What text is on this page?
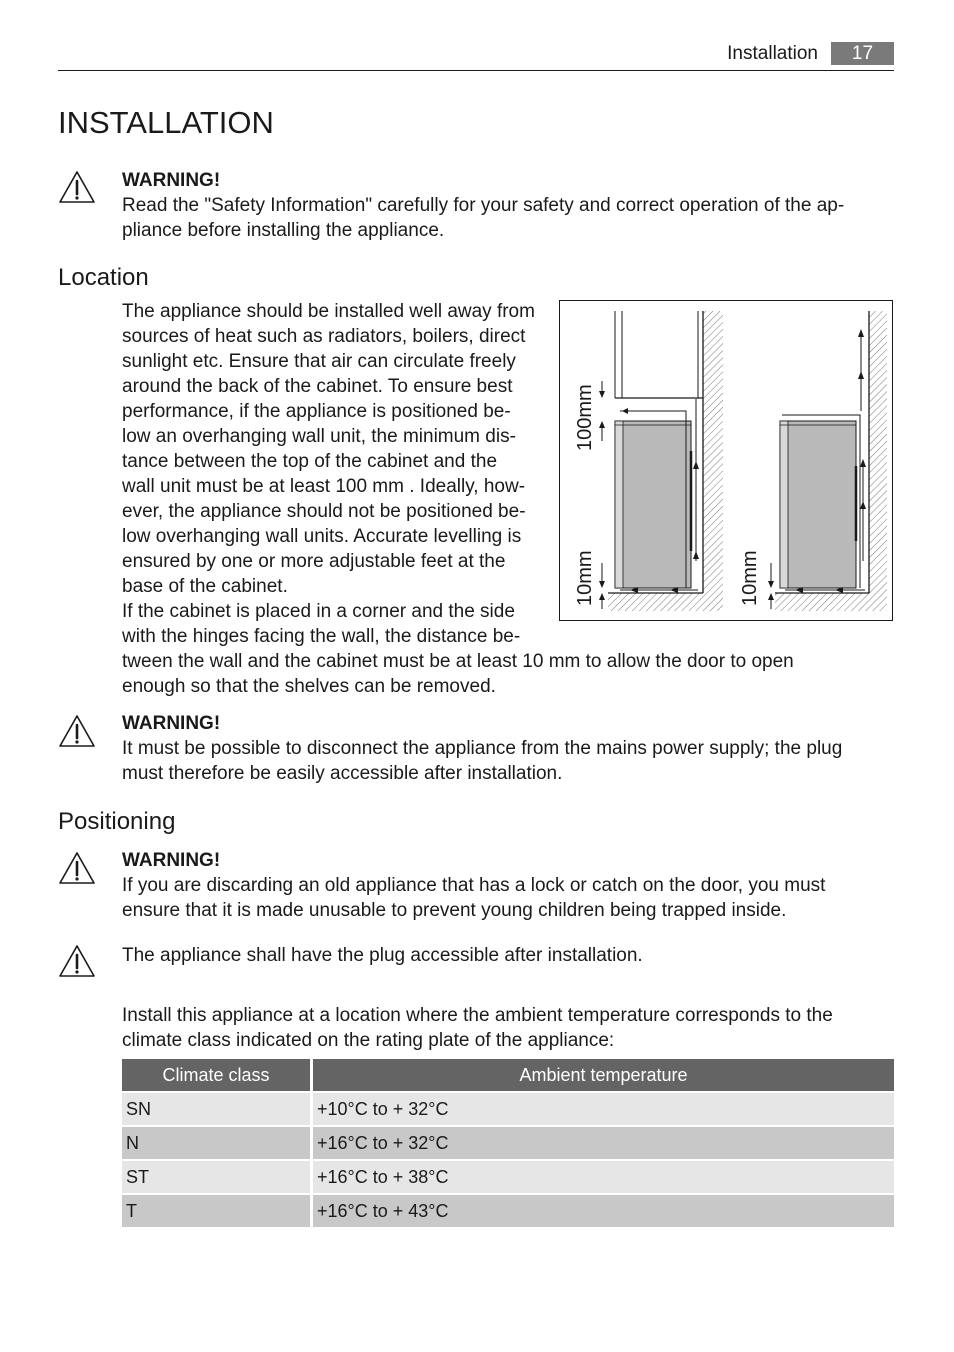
Installation	17
INSTALLATION
WARNING!
Read the "Safety Information" carefully for your safety and correct operation of the ap-
pliance before installing the appliance.
Location
The appliance should be installed well away from
sources of heat such as radiators, boilers, direct
sunlight etc. Ensure that air can circulate freely
around the back of the cabinet. To ensure best
performance, if the appliance is positioned be-
low an overhanging wall unit, the minimum dis-
tance between the top of the cabinet and the
wall unit must be at least 100 mm . Ideally, how-
ever, the appliance should not be positioned be-
low overhanging wall units. Accurate levelling is
ensured by one or more adjustable feet at the
base of the cabinet.
If the cabinet is placed in a corner and the side
with the hinges facing the wall, the distance be-
tween the wall and the cabinet must be at least 10 mm to allow the door to open
enough so that the shelves can be removed.
100mm
10mm	10mm
WARNING!
It must be possible to disconnect the appliance from the mains power supply; the plug
must therefore be easily accessible after installation.
Positioning
WARNING!
If you are discarding an old appliance that has a lock or catch on the door, you must
ensure that it is made unusable to prevent young children being trapped inside.
The appliance shall have the plug accessible after installation.
Install this appliance at a location where the ambient temperature corresponds to the
climate class indicated on the rating plate of the appliance:
Climate class	Ambient temperature
SN	+10°C to + 32°C
N	+16°C to + 32°C
ST	+16°C to + 38°C
T	+16°C to + 43°C
